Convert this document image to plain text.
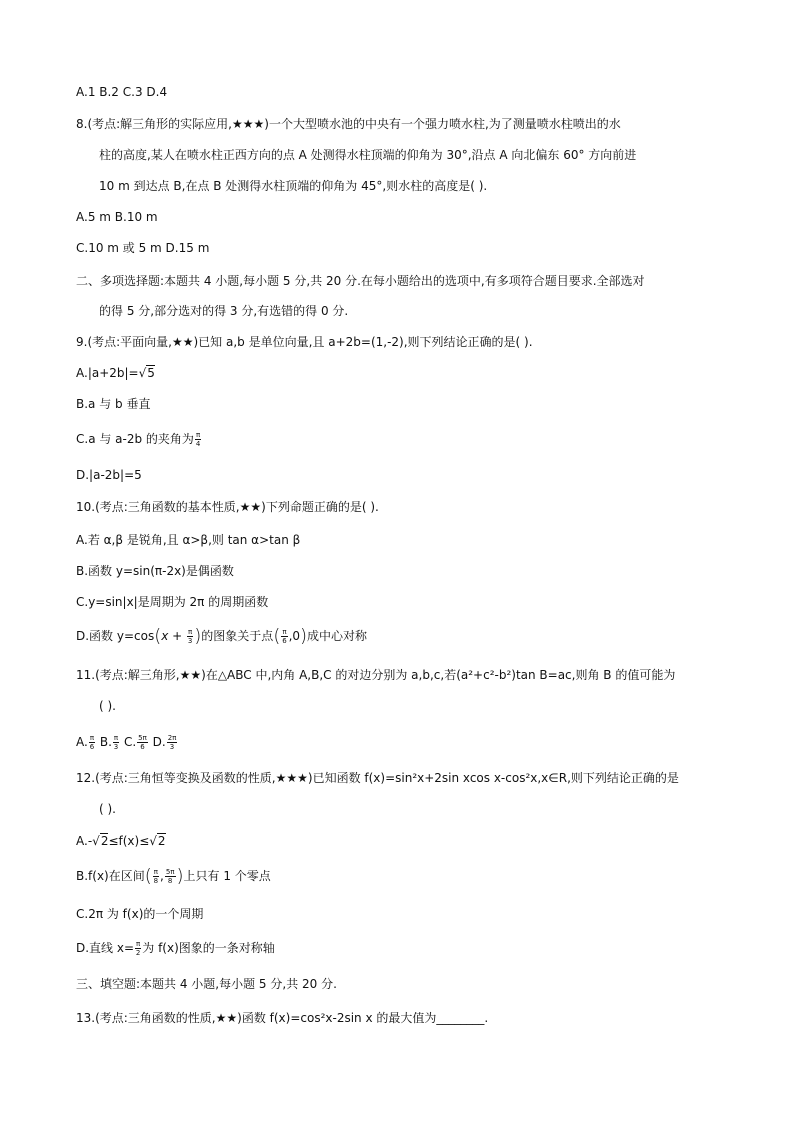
A.1 B.2 C.3 D.4
8.(考点:解三角形的实际应用,★★★)一个大型喷水池的中央有一个强力喷水柱,为了测量喷水柱喷出的水
柱的高度,某人在喷水柱正西方向的点 A 处测得水柱顶端的仰角为 30°,沿点 A 向北偏东 60° 方向前进
10 m 到达点 B,在点 B 处测得水柱顶端的仰角为 45°,则水柱的高度是( ).
A.5 m B.10 m
C.10 m 或 5 m D.15 m
二、多项选择题:本题共 4 小题,每小题 5 分,共 20 分.在每小题给出的选项中,有多项符合题目要求.全部选对
的得 5 分,部分选对的得 3 分,有选错的得 0 分.
9.(考点:平面向量,★★)已知 a,b 是单位向量,且 a+2b=(1,-2),则下列结论正确的是( ).
A.|a+2b|=√5
B.a 与 b 垂直
C.a 与 a-2b 的夹角为 $\frac{\pi}{4}$
D.|a-2b|=5
10.(考点:三角函数的基本性质,★★)下列命题正确的是( ).
A.若 α,β 是锐角,且 α>β,则 tan α>tan β
B.函数 y=sin(π-2x)是偶函数
C.y=sin|x|是周期为 2π 的周期函数
D.函数 $y=\cos(x + \frac{\pi}{3}$ )的图象关于点( $\frac{\pi}{6} ,0$)成中心对称
11.(考点:解三角形,★★)在△ABC 中,内角 A,B,C 的对边分别为 a,b,c,若(a²+c²-b²)tan B=ac,则角 B 的值可能为
( ).
A. $\frac{\pi}{6} B$. $\frac{\pi}{3} C$. $\frac{5\pi}{6} D$. $\frac{2\pi}{3}$
12.(考点:三角恒等变换及函数的性质,★★★)已知函数 f(x)=sin²x+2sin xcos x-cos²x,x∈R,则下列结论正确的是
( ).
A.-√2≤f(x)≤√2
B.f(x)在区间( $\frac{\pi}{8}$ , $\frac{5\pi}{8}$ )上只有 1 个零点
C.2π 为 f(x)的一个周期
D.直线 $x= \frac{\pi}{2}$ 为 f(x)图象的一条对称轴
三、填空题:本题共 4 小题,每小题 5 分,共 20 分.
13.(考点:三角函数的性质,★★)函数 f(x)=cos²x-2sin x 的最大值为________.
